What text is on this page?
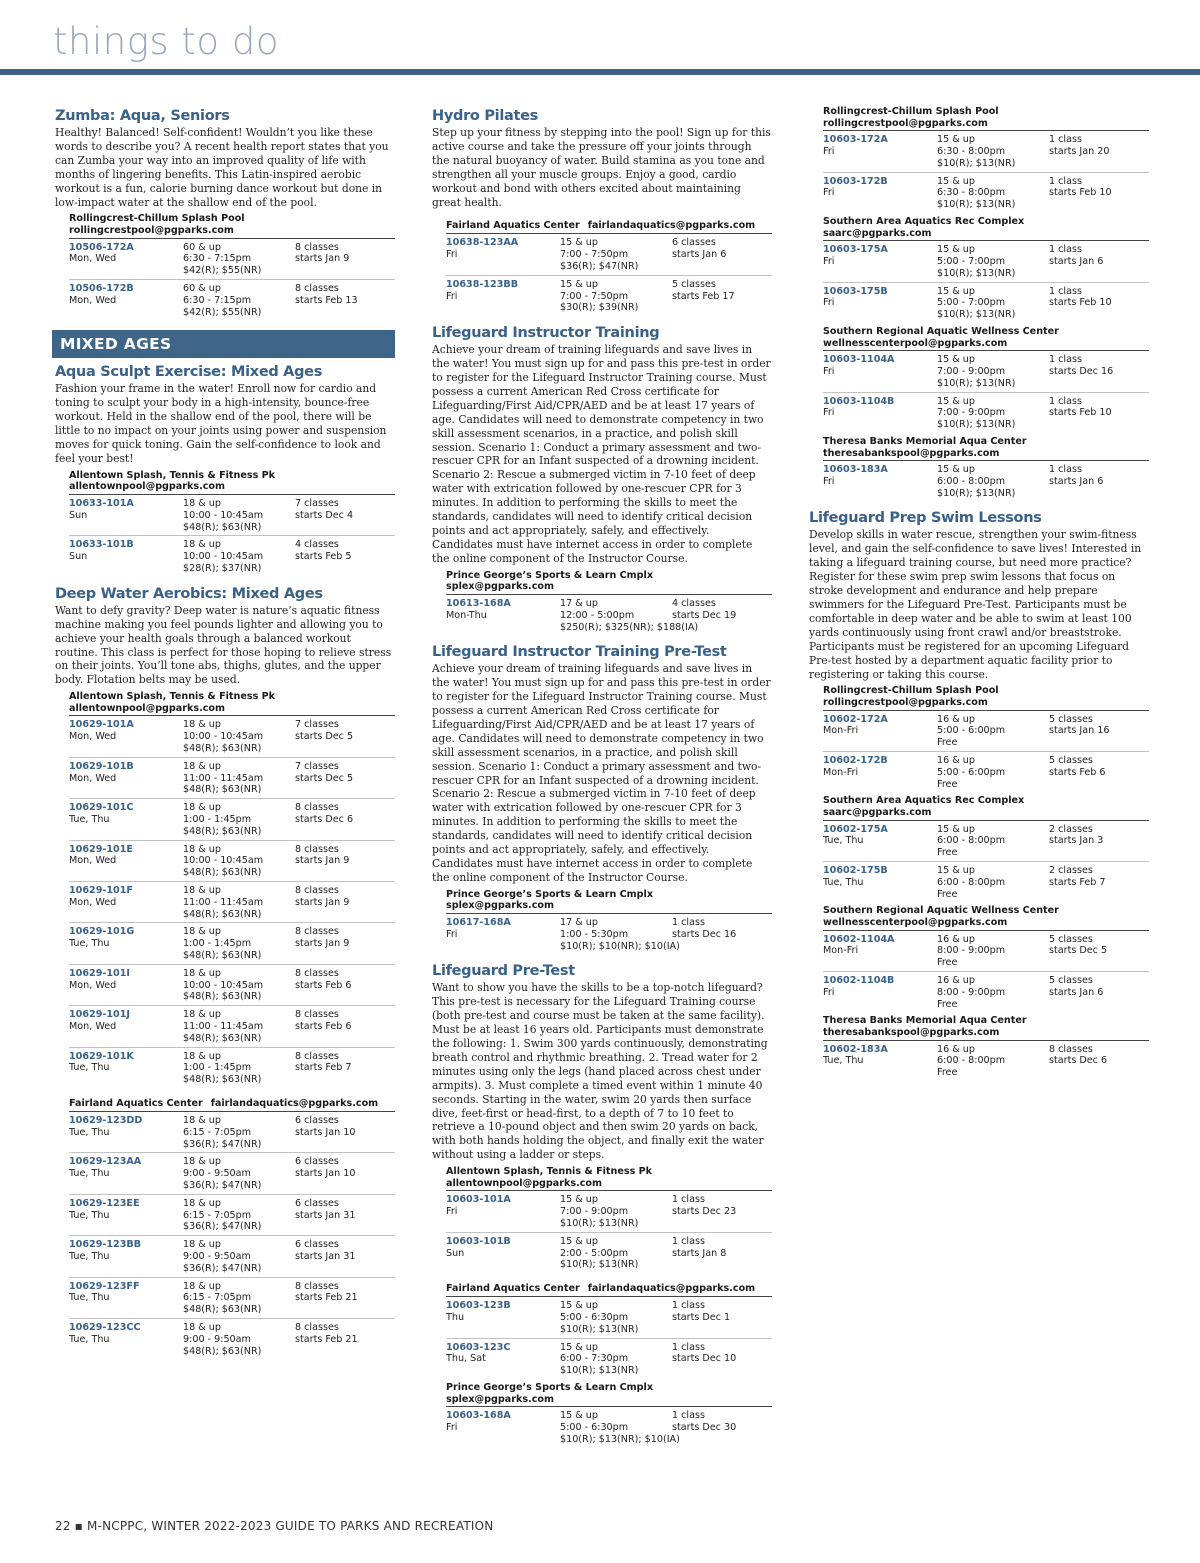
things to do
Zumba: Aqua, Seniors
Healthy! Balanced! Self-confident! Wouldn’t you like these words to describe you? A recent health report states that you can Zumba your way into an improved quality of life with months of lingering benefits. This Latin-inspired aerobic workout is a fun, calorie burning dance workout but done in low-impact water at the shallow end of the pool.
Rollingcrest-Chillum Splash Pool
rollingcrestpool@pgparks.com
10506-172A	60 & up	8 classes
Mon, Wed	6:30 - 7:15pm	starts Jan 9
$42(R); $55(NR)
10506-172B	60 & up	8 classes
Mon, Wed	6:30 - 7:15pm	starts Feb 13
$42(R); $55(NR)
MIXED AGES
Aqua Sculpt Exercise: Mixed Ages
Fashion your frame in the water! Enroll now for cardio and toning to sculpt your body in a high-intensity, bounce-free workout. Held in the shallow end of the pool, there will be little to no impact on your joints using power and suspension moves for quick toning. Gain the self-confidence to look and feel your best!
Allentown Splash, Tennis & Fitness Pk
allentownpool@pgparks.com
10633-101A	18 & up	7 classes
Sun	10:00 - 10:45am	starts Dec 4
$48(R); $63(NR)
10633-101B	18 & up	4 classes
Sun	10:00 - 10:45am	starts Feb 5
$28(R); $37(NR)
Deep Water Aerobics: Mixed Ages
Want to defy gravity? Deep water is nature’s aquatic fitness machine making you feel pounds lighter and allowing you to achieve your health goals through a balanced workout routine. This class is perfect for those hoping to relieve stress on their joints. You’ll tone abs, thighs, glutes, and the upper body. Flotation belts may be used.
Allentown Splash, Tennis & Fitness Pk
allentownpool@pgparks.com
10629-101A	18 & up	7 classes
Mon, Wed	10:00 - 10:45am	starts Dec 5
$48(R); $63(NR)
10629-101B	18 & up	7 classes
Mon, Wed	11:00 - 11:45am	starts Dec 5
$48(R); $63(NR)
10629-101C	18 & up	8 classes
Tue, Thu	1:00 - 1:45pm	starts Dec 6
$48(R); $63(NR)
10629-101E	18 & up	8 classes
Mon, Wed	10:00 - 10:45am	starts Jan 9
$48(R); $63(NR)
10629-101F	18 & up	8 classes
Mon, Wed	11:00 - 11:45am	starts Jan 9
$48(R); $63(NR)
10629-101G	18 & up	8 classes
Tue, Thu	1:00 - 1:45pm	starts Jan 9
$48(R); $63(NR)
10629-101I	18 & up	8 classes
Mon, Wed	10:00 - 10:45am	starts Feb 6
$48(R); $63(NR)
10629-101J	18 & up	8 classes
Mon, Wed	11:00 - 11:45am	starts Feb 6
$48(R); $63(NR)
10629-101K	18 & up	8 classes
Tue, Thu	1:00 - 1:45pm	starts Feb 7
$48(R); $63(NR)
Fairland Aquatics Center fairlandaquatics@pgparks.com
10629-123DD	18 & up	6 classes
Tue, Thu	6:15 - 7:05pm	starts Jan 10
$36(R); $47(NR)
10629-123AA	18 & up	6 classes
Tue, Thu	9:00 - 9:50am	starts Jan 10
$36(R); $47(NR)
10629-123EE	18 & up	6 classes
Tue, Thu	6:15 - 7:05pm	starts Jan 31
$36(R); $47(NR)
10629-123BB	18 & up	6 classes
Tue, Thu	9:00 - 9:50am	starts Jan 31
$36(R); $47(NR)
10629-123FF	18 & up	8 classes
Tue, Thu	6:15 - 7:05pm	starts Feb 21
$48(R); $63(NR)
10629-123CC	18 & up	8 classes
Tue, Thu	9:00 - 9:50am	starts Feb 21
$48(R); $63(NR)
Hydro Pilates
Step up your fitness by stepping into the pool! Sign up for this active course and take the pressure off your joints through the natural buoyancy of water. Build stamina as you tone and strengthen all your muscle groups. Enjoy a good, cardio workout and bond with others excited about maintaining great health.
Fairland Aquatics Center fairlandaquatics@pgparks.com
10638-123AA	15 & up	6 classes
Fri	7:00 - 7:50pm	starts Jan 6
$36(R); $47(NR)
10638-123BB	15 & up	5 classes
Fri	7:00 - 7:50pm	starts Feb 17
$30(R); $39(NR)
Lifeguard Instructor Training
Achieve your dream of training lifeguards and save lives in the water! You must sign up for and pass this pre-test in order to register for the Lifeguard Instructor Training course. Must possess a current American Red Cross certificate for Lifeguarding/First Aid/CPR/AED and be at least 17 years of age. Candidates will need to demonstrate competency in two skill assessment scenarios, in a practice, and polish skill session. Scenario 1: Conduct a primary assessment and two-rescuer CPR for an Infant suspected of a drowning incident. Scenario 2: Rescue a submerged victim in 7-10 feet of deep water with extrication followed by one-rescuer CPR for 3 minutes. In addition to performing the skills to meet the standards, candidates will need to identify critical decision points and act appropriately, safely, and effectively. Candidates must have internet access in order to complete the online component of the Instructor Course.
Prince George’s Sports & Learn Cmplx
splex@pgparks.com
10613-168A	17 & up	4 classes
Mon-Thu	12:00 - 5:00pm	starts Dec 19
$250(R); $325(NR); $188(IA)
Lifeguard Instructor Training Pre-Test
Achieve your dream of training lifeguards and save lives in the water! You must sign up for and pass this pre-test in order to register for the Lifeguard Instructor Training course. Must possess a current American Red Cross certificate for Lifeguarding/First Aid/CPR/AED and be at least 17 years of age. Candidates will need to demonstrate competency in two skill assessment scenarios, in a practice, and polish skill session. Scenario 1: Conduct a primary assessment and two-rescuer CPR for an Infant suspected of a drowning incident. Scenario 2: Rescue a submerged victim in 7-10 feet of deep water with extrication followed by one-rescuer CPR for 3 minutes. In addition to performing the skills to meet the standards, candidates will need to identify critical decision points and act appropriately, safely, and effectively. Candidates must have internet access in order to complete the online component of the Instructor Course.
Prince George’s Sports & Learn Cmplx
splex@pgparks.com
10617-168A	17 & up	1 class
Fri	1:00 - 5:30pm	starts Dec 16
$10(R); $10(NR); $10(IA)
Lifeguard Pre-Test
Want to show you have the skills to be a top-notch lifeguard? This pre-test is necessary for the Lifeguard Training course (both pre-test and course must be taken at the same facility). Must be at least 16 years old. Participants must demonstrate the following: 1. Swim 300 yards continuously, demonstrating breath control and rhythmic breathing. 2. Tread water for 2 minutes using only the legs (hand placed across chest under armpits). 3. Must complete a timed event within 1 minute 40 seconds. Starting in the water, swim 20 yards then surface dive, feet-first or head-first, to a depth of 7 to 10 feet to retrieve a 10-pound object and then swim 20 yards on back, with both hands holding the object, and finally exit the water without using a ladder or steps.
Allentown Splash, Tennis & Fitness Pk
allentownpool@pgparks.com
10603-101A	15 & up	1 class
Fri	7:00 - 9:00pm	starts Dec 23
$10(R); $13(NR)
10603-101B	15 & up	1 class
Sun	2:00 - 5:00pm	starts Jan 8
$10(R); $13(NR)
Fairland Aquatics Center fairlandaquatics@pgparks.com
10603-123B	15 & up	1 class
Thu	5:00 - 6:30pm	starts Dec 1
$10(R); $13(NR)
10603-123C	15 & up	1 class
Thu, Sat	6:00 - 7:30pm	starts Dec 10
$10(R); $13(NR)
Prince George’s Sports & Learn Cmplx
splex@pgparks.com
10603-168A	15 & up	1 class
Fri	5:00 - 6:30pm	starts Dec 30
$10(R); $13(NR); $10(IA)
Rollingcrest-Chillum Splash Pool
rollingcrestpool@pgparks.com
10603-172A	15 & up	1 class
Fri	6:30 - 8:00pm	starts Jan 20
$10(R); $13(NR)
10603-172B	15 & up	1 class
Fri	6:30 - 8:00pm	starts Feb 10
$10(R); $13(NR)
Southern Area Aquatics Rec Complex
saarc@pgparks.com
10603-175A	15 & up	1 class
Fri	5:00 - 7:00pm	starts Jan 6
$10(R); $13(NR)
10603-175B	15 & up	1 class
Fri	5:00 - 7:00pm	starts Feb 10
$10(R); $13(NR)
Southern Regional Aquatic Wellness Center
wellnesscenterpool@pgparks.com
10603-1104A	15 & up	1 class
Fri	7:00 - 9:00pm	starts Dec 16
$10(R); $13(NR)
10603-1104B	15 & up	1 class
Fri	7:00 - 9:00pm	starts Feb 10
$10(R); $13(NR)
Theresa Banks Memorial Aqua Center
theresabankspool@pgparks.com
10603-183A	15 & up	1 class
Fri	6:00 - 8:00pm	starts Jan 6
$10(R); $13(NR)
Lifeguard Prep Swim Lessons
Develop skills in water rescue, strengthen your swim-fitness level, and gain the self-confidence to save lives! Interested in taking a lifeguard training course, but need more practice? Register for these swim prep swim lessons that focus on stroke development and endurance and help prepare swimmers for the Lifeguard Pre-Test. Participants must be comfortable in deep water and be able to swim at least 100 yards continuously using front crawl and/or breaststroke. Participants must be registered for an upcoming Lifeguard Pre-test hosted by a department aquatic facility prior to registering or taking this course.
Rollingcrest-Chillum Splash Pool
rollingcrestpool@pgparks.com
10602-172A	16 & up	5 classes
Mon-Fri	5:00 - 6:00pm	starts Jan 16
Free
10602-172B	16 & up	5 classes
Mon-Fri	5:00 - 6:00pm	starts Feb 6
Free
Southern Area Aquatics Rec Complex
saarc@pgparks.com
10602-175A	15 & up	2 classes
Tue, Thu	6:00 - 8:00pm	starts Jan 3
Free
10602-175B	15 & up	2 classes
Tue, Thu	6:00 - 8:00pm	starts Feb 7
Free
Southern Regional Aquatic Wellness Center
wellnesscenterpool@pgparks.com
10602-1104A	16 & up	5 classes
Mon-Fri	8:00 - 9:00pm	starts Dec 5
Free
10602-1104B	16 & up	5 classes
Fri	8:00 - 9:00pm	starts Jan 6
Free
Theresa Banks Memorial Aqua Center
theresabankspool@pgparks.com
10602-183A	16 & up	8 classes
Tue, Thu	6:00 - 8:00pm	starts Dec 6
Free
22 ▪ M-NCPPC, WINTER 2022-2023 GUIDE TO PARKS AND RECREATION
